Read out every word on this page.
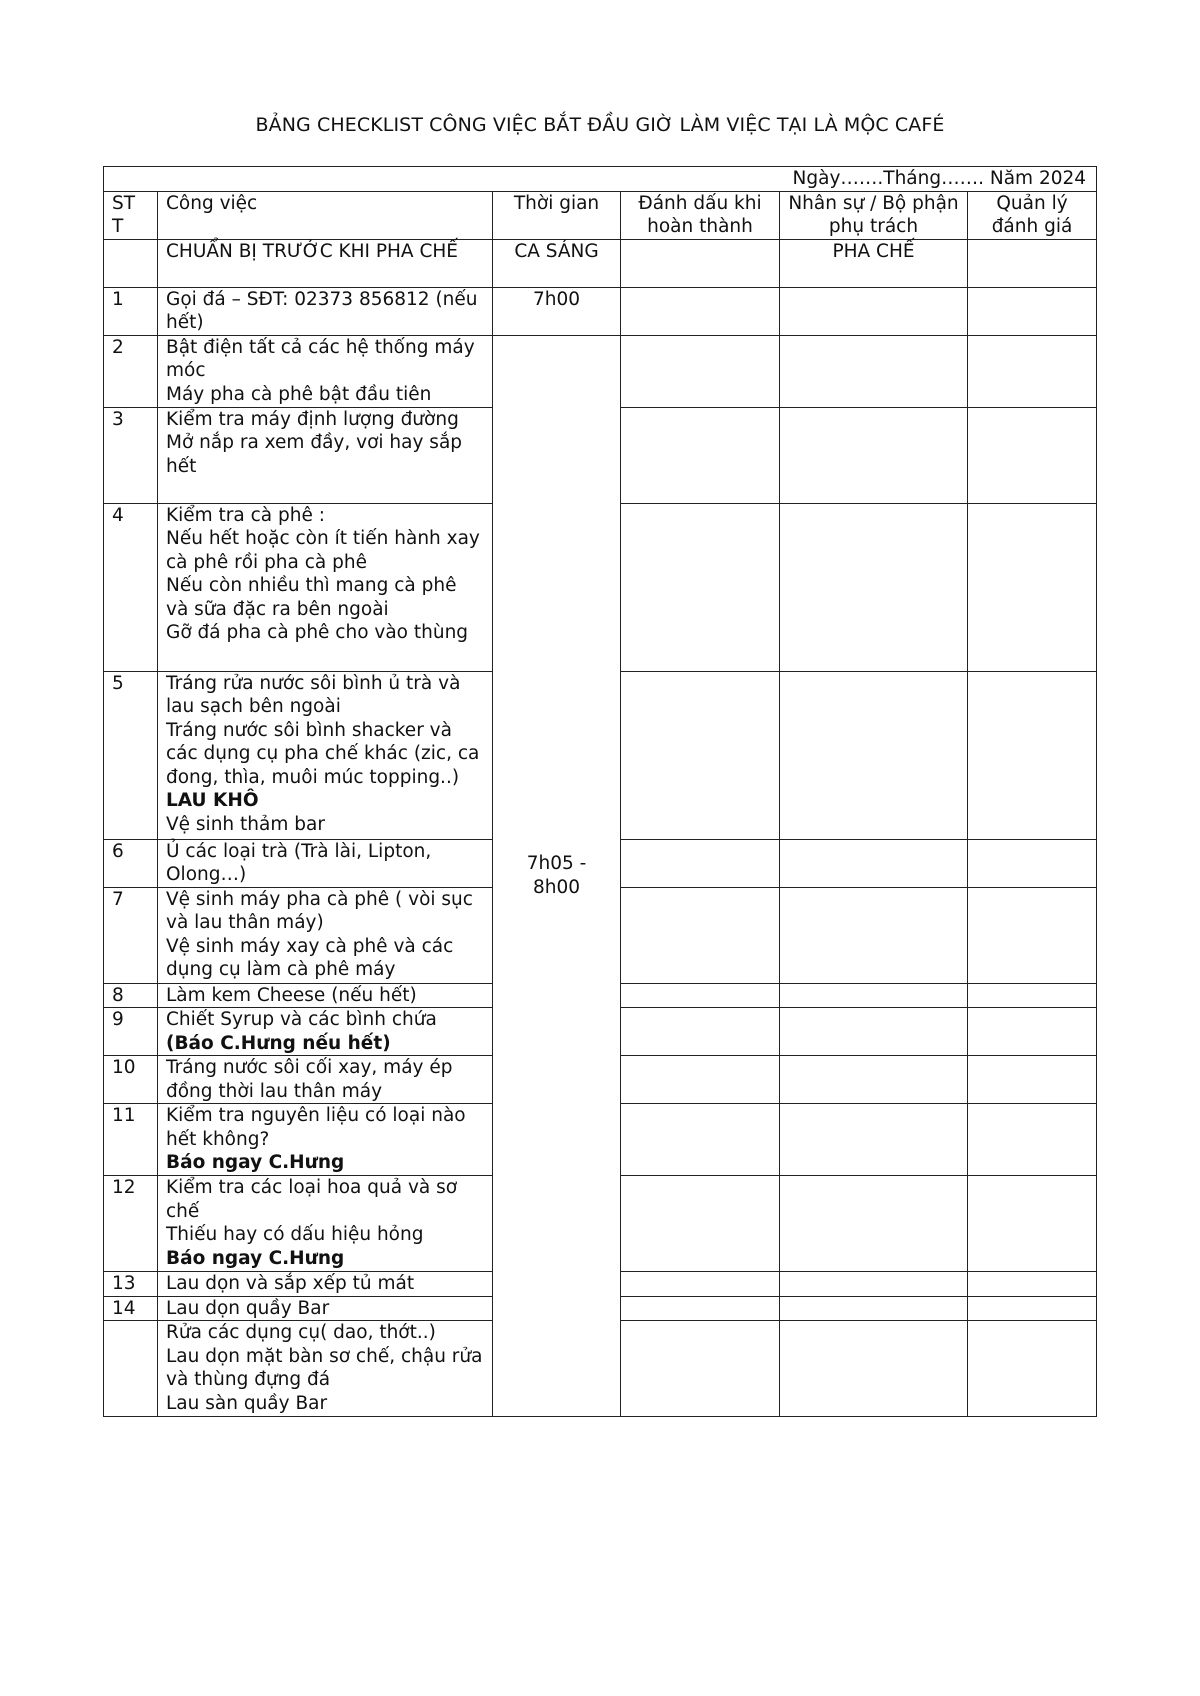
BẢNG CHECKLIST CÔNG VIỆC BẮT ĐẦU GIỜ LÀM VIỆC TẠI LÀ MỘC CAFÉ
Ngày…….Tháng……. Năm 2024					
ST T	Công việc	Thời gian	Đánh dấu khi hoàn thành	Nhân sự / Bộ phận phụ trách	Quản lý đánh giá
	CHUẨN BỊ TRƯỚC KHI PHA CHẾ	CA SÁNG		PHA CHẾ	
1	Gọi đá – SĐT: 02373 856812 (nếu hết)	7h00			
2	Bật điện tất cả các hệ thống máy móc
Máy pha cà phê bật đầu tiên	7h05 - 8h00			
3	Kiểm tra máy định lượng đường
Mở nắp ra xem đầy, vơi hay sắp hết				

4	Kiểm tra cà phê :
Nếu hết hoặc còn ít tiến hành xay cà phê rồi pha cà phê
Nếu còn nhiều thì mang cà phê và sữa đặc ra bên ngoài
Gỡ đá pha cà phê cho vào thùng				

5	Tráng rửa nước sôi bình ủ trà và lau sạch bên ngoài
Tráng nước sôi bình shacker và các dụng cụ pha chế khác (zic, ca đong, thìa, muôi múc topping..) LAU KHÔ
Vệ sinh thảm bar				

6	Ủ các loại trà (Trà lài, Lipton, Olong…)				

7	Vệ sinh máy pha cà phê ( vòi sục và lau thân máy)
Vệ sinh máy xay cà phê và các dụng cụ làm cà phê máy				

8	Làm kem Cheese (nếu hết)				

9	Chiết Syrup và các bình chứa
(Báo C.Hưng nếu hết)				

10	Tráng nước sôi cối xay, máy ép đồng thời lau thân máy				

11	Kiểm tra nguyên liệu có loại nào hết không?
Báo ngay C.Hưng				

12	Kiểm tra các loại hoa quả và sơ chế
Thiếu hay có dấu hiệu hỏng
Báo ngay C.Hưng				

13	Lau dọn và sắp xếp tủ mát				

14	Lau dọn quầy Bar				

	Rửa các dụng cụ( dao, thớt..)
Lau dọn mặt bàn sơ chế, chậu rửa và thùng đựng đá
Lau sàn quầy Bar				
